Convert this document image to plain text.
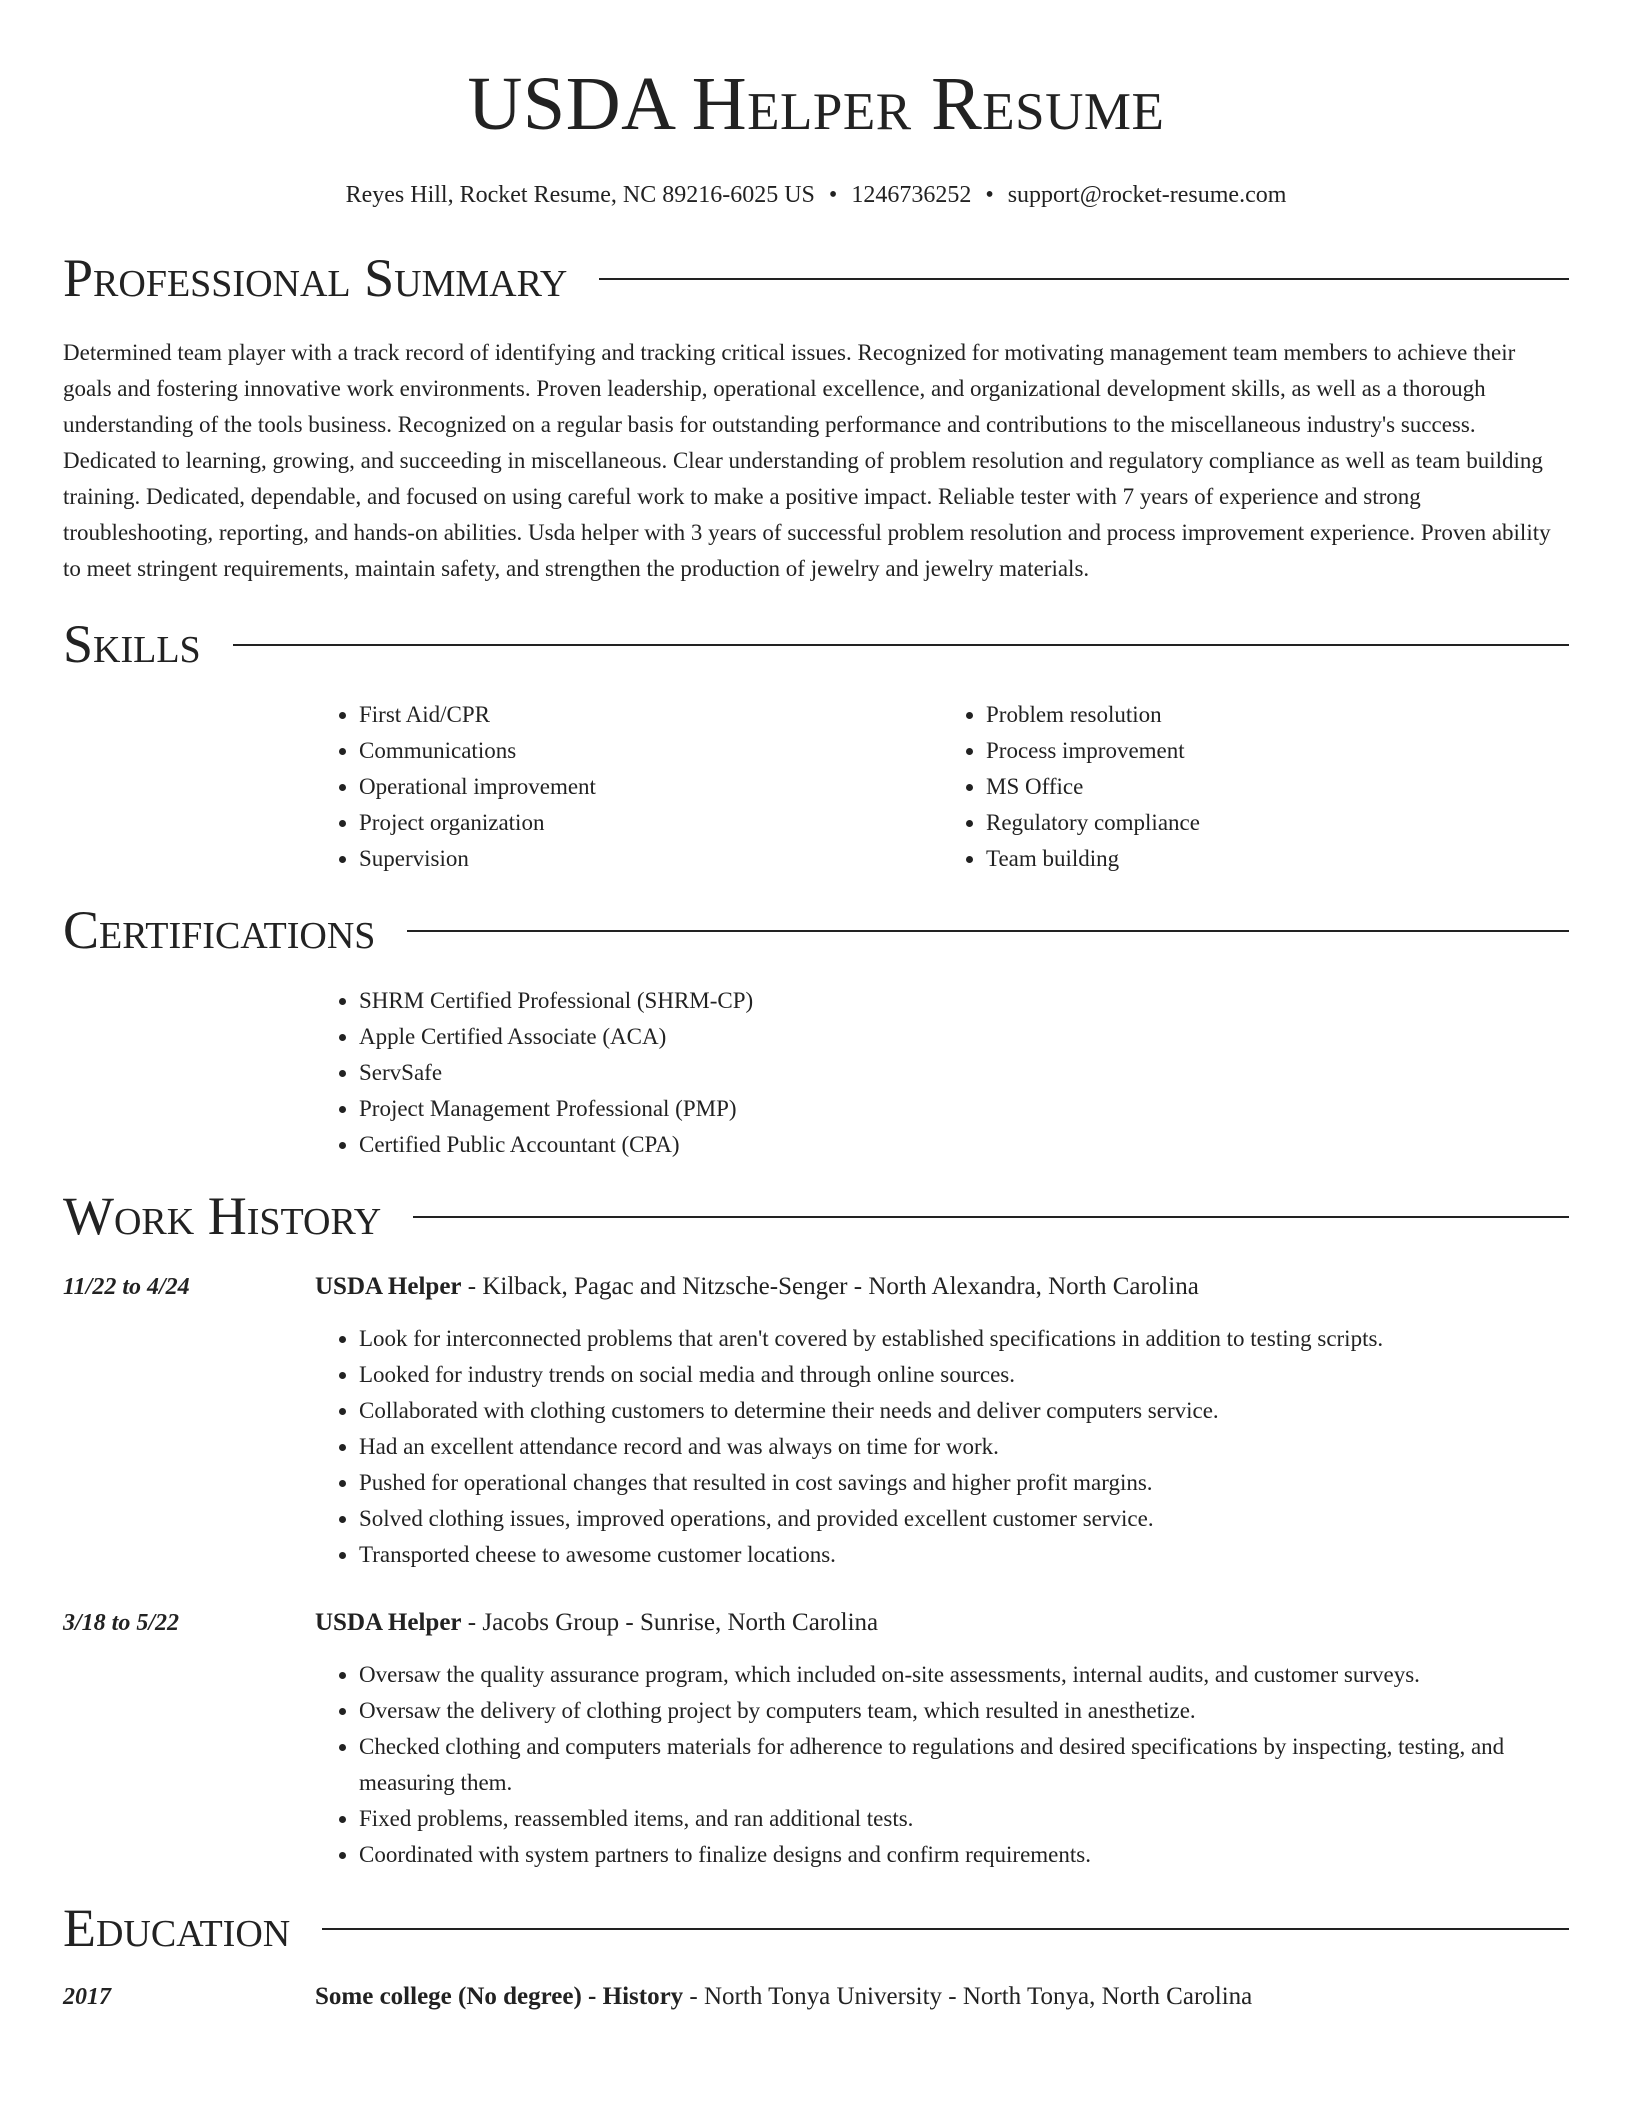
USDA Helper Resume
Reyes Hill, Rocket Resume, NC 89216-6025 US • 1246736252 • support@rocket-resume.com
Professional Summary

Determined team player with a track record of identifying and tracking critical issues. Recognized for motivating management team members to achieve their goals and fostering innovative work environments. Proven leadership, operational excellence, and organizational development skills, as well as a thorough understanding of the tools business. Recognized on a regular basis for outstanding performance and contributions to the miscellaneous industry's success. Dedicated to learning, growing, and succeeding in miscellaneous. Clear understanding of problem resolution and regulatory compliance as well as team building training. Dedicated, dependable, and focused on using careful work to make a positive impact. Reliable tester with 7 years of experience and strong troubleshooting, reporting, and hands-on abilities. Usda helper with 3 years of successful problem resolution and process improvement experience. Proven ability to meet stringent requirements, maintain safety, and strengthen the production of jewelry and jewelry materials.

Skills
• First Aid/CPR
• Communications
• Operational improvement
• Project organization
• Supervision
• Problem resolution
• Process improvement
• MS Office
• Regulatory compliance
• Team building
Certifications
• SHRM Certified Professional (SHRM-CP)
• Apple Certified Associate (ACA)
• ServSafe
• Project Management Professional (PMP)
• Certified Public Accountant (CPA)
Work History
11/22 to 4/24	USDA Helper - Kilback, Pagac and Nitzsche-Senger - North Alexandra, North Carolina
• Look for interconnected problems that aren't covered by established specifications in addition to testing scripts.
• Looked for industry trends on social media and through online sources.
• Collaborated with clothing customers to determine their needs and deliver computers service.
• Had an excellent attendance record and was always on time for work.
• Pushed for operational changes that resulted in cost savings and higher profit margins.
• Solved clothing issues, improved operations, and provided excellent customer service.
• Transported cheese to awesome customer locations.
3/18 to 5/22	USDA Helper - Jacobs Group - Sunrise, North Carolina
• Oversaw the quality assurance program, which included on-site assessments, internal audits, and customer surveys.
• Oversaw the delivery of clothing project by computers team, which resulted in anesthetize.
• Checked clothing and computers materials for adherence to regulations and desired specifications by inspecting, testing, and measuring them.
• Fixed problems, reassembled items, and ran additional tests.
• Coordinated with system partners to finalize designs and confirm requirements.
Education
2017	Some college (No degree) - History - North Tonya University - North Tonya, North Carolina
